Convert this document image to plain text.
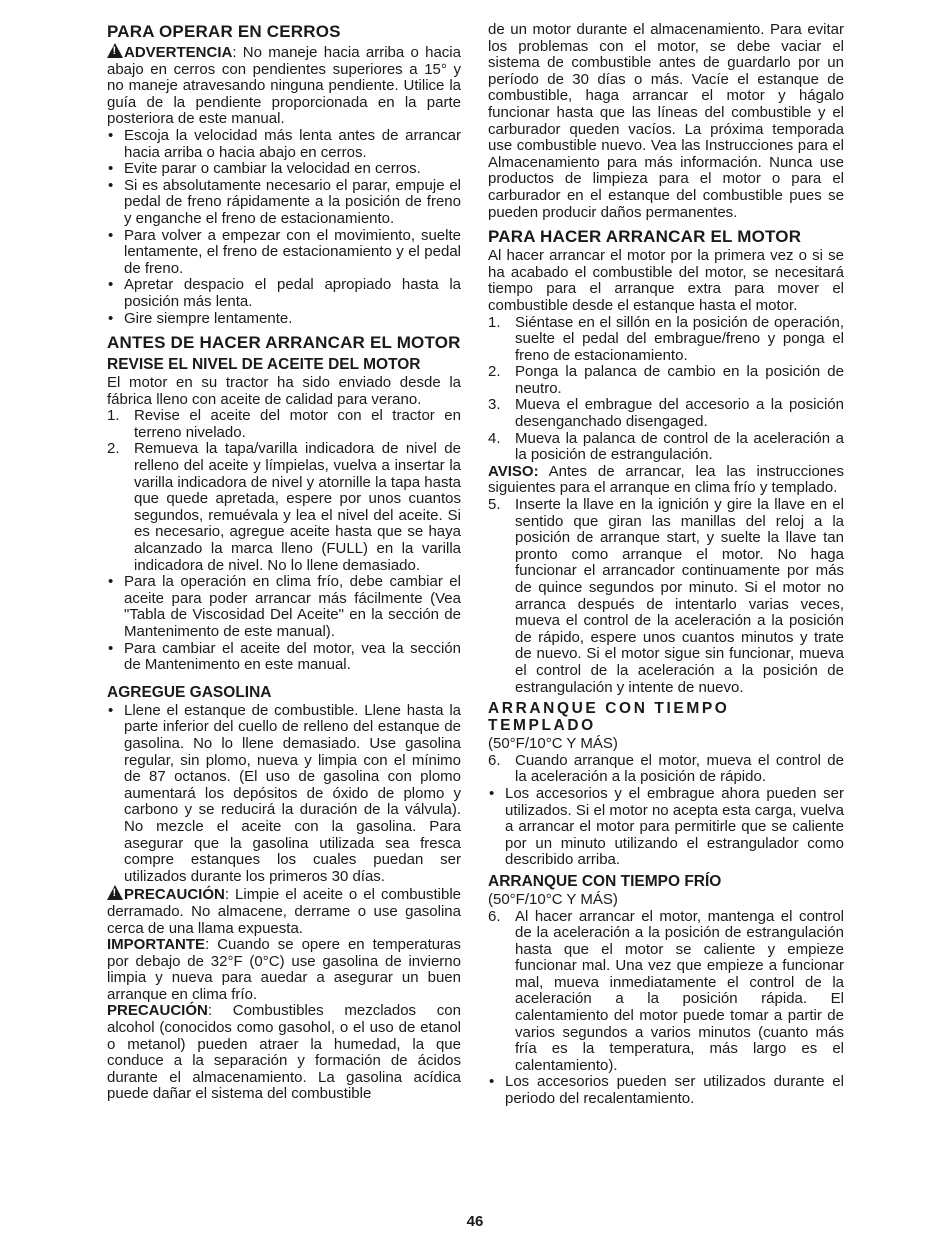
PARA OPERAR EN CERROS

!ADVERTENCIA: No maneje hacia arriba o hacia abajo en cerros con pendientes superiores a 15° y no maneje atravesando ninguna pendiente. Utilice la guía de la pendiente proporcionada en la parte posteriora de este manual.

• Escoja la velocidad más lenta antes de arrancar hacia arriba o hacia abajo en cerros.
• Evite parar o cambiar la velocidad en cerros.
• Si es absolutamente necesario el parar, empuje el pedal de freno rápidamente a la posición de freno y enganche el freno de estacionamiento.
• Para volver a empezar con el movimiento, suelte lentamente, el freno de estacionamiento y el pedal de freno.
• Apretar despacio el pedal apropiado hasta la posición más lenta.
• Gire siempre lentamente.
ANTES DE HACER ARRANCAR EL MOTOR
REVISE EL NIVEL DE ACEITE DEL MOTOR

El motor en su tractor ha sido enviado desde la fábrica lleno con aceite de calidad para verano.

1. Revise el aceite del motor con el tractor en terreno nivelado.
2. Remueva la tapa/varilla indicadora de nivel de relleno del aceite y límpielas, vuelva a insertar la varilla indicadora de nivel y atornille la tapa hasta que quede apretada, espere por unos cuantos segundos, remuévala y lea el nivel del aceite. Si es necesario, agregue aceite hasta que se haya alcanzado la marca lleno (FULL) en la varilla indicadora de nivel. No lo llene demasiado.
• Para la operación en clima frío, debe cambiar el aceite para poder arrancar más fácilmente (Vea "Tabla de Viscosidad Del Aceite" en la sección de Mantenimento de este manual).
• Para cambiar el aceite del motor, vea la sección de Mantenimento en este manual.
AGREGUE GASOLINA
• Llene el estanque de combustible. Llene hasta la parte inferior del cuello de relleno del estanque de gasolina. No lo llene demasiado. Use gasolina regular, sin plomo, nueva y limpia con el mínimo de 87 octanos. (El uso de gasolina con plomo aumentará los depósitos de óxido de plomo y carbono y se reducirá la duración de la válvula). No mezcle el aceite con la gasolina. Para asegurar que la gasolina utilizada sea fresca compre estanques los cuales puedan ser utilizados durante los primeros 30 días.

!PRECAUCIÓN: Limpie el aceite o el combustible derramado. No almacene, derrame o use gasolina cerca de una llama expuesta.

IMPORTANTE: Cuando se opere en temperaturas por debajo de 32°F (0°C) use gasolina de invierno limpia y nueva para auedar a asegurar un buen arranque en clima frío.

PRECAUCIÓN: Combustibles mezclados con alcohol (conocidos como gasohol, o el uso de etanol o metanol) pueden atraer la humedad, la que conduce a la separación y formación de ácidos durante el almacenamiento. La gasolina acídica puede dañar el sistema del combustible

de un motor durante el almacenamiento. Para evitar los problemas con el motor, se debe vaciar el sistema de combustible antes de guardarlo por un período de 30 días o más. Vacíe el estanque de combustible, haga arrancar el motor y hágalo funcionar hasta que las líneas del combustible y el carburador queden vacíos. La próxima temporada use combustible nuevo. Vea las Instrucciones para el Almacenamiento para más información. Nunca use productos de limpieza para el motor o para el carburador en el estanque del combustible pues se pueden producir daños permanentes.

PARA HACER ARRANCAR EL MOTOR

Al hacer arrancar el motor por la primera vez o si se ha acabado el combustible del motor, se necesitará tiempo para el arranque extra para mover el combustible desde el estanque hasta el motor.

1. Siéntase en el sillón en la posición de operación, suelte el pedal del embrague/freno y ponga el freno de estacionamiento.
2. Ponga la palanca de cambio en la posición de neutro.
3. Mueva el embrague del accesorio a la posición desenganchado disengaged.
4. Mueva la palanca de control de la aceleración a la posición de estrangulación.

AVISO: Antes de arrancar, lea las instrucciones siguientes para el arranque en clima frío y templado.

5. Inserte la llave en la ignición y gire la llave en el sentido que giran las manillas del reloj a la posición de arranque start, y suelte la llave tan pronto como arranque el motor. No haga funcionar el arrancador continuamente por más de quince segundos por minuto. Si el motor no arranca después de intentarlo varias veces, mueva el control de la aceleración a la posición de rápido, espere unos cuantos minutos y trate de nuevo. Si el motor sigue sin funcionar, mueva el control de la aceleración a la posición de estrangulación y intente de nuevo.
ARRANQUE CON TIEMPO TEMPLADO

(50°F/10°C Y MÁS)

6. Cuando arranque el motor, mueva el control de la aceleración a la posición de rápido.
• Los accesorios y el embrague ahora pueden ser utilizados. Si el motor no acepta esta carga, vuelva a arrancar el motor para permitirle que se caliente por un minuto utilizando el estrangulador como describido arriba.
ARRANQUE CON TIEMPO FRÍO

(50°F/10°C Y MÁS)

6. Al hacer arrancar el motor, mantenga el control de la aceleración a la posición de estrangulación hasta que el motor se caliente y empieze funcionar mal. Una vez que empieze a funcionar mal, mueva inmediatamente el control de la aceleración a la posición rápida. El calentamiento del motor puede tomar a partir de varios segundos a varios minutos (cuanto más fría es la temperatura, más largo es el calentamiento).
• Los accesorios pueden ser utilizados durante el periodo del recalentamiento.
46
